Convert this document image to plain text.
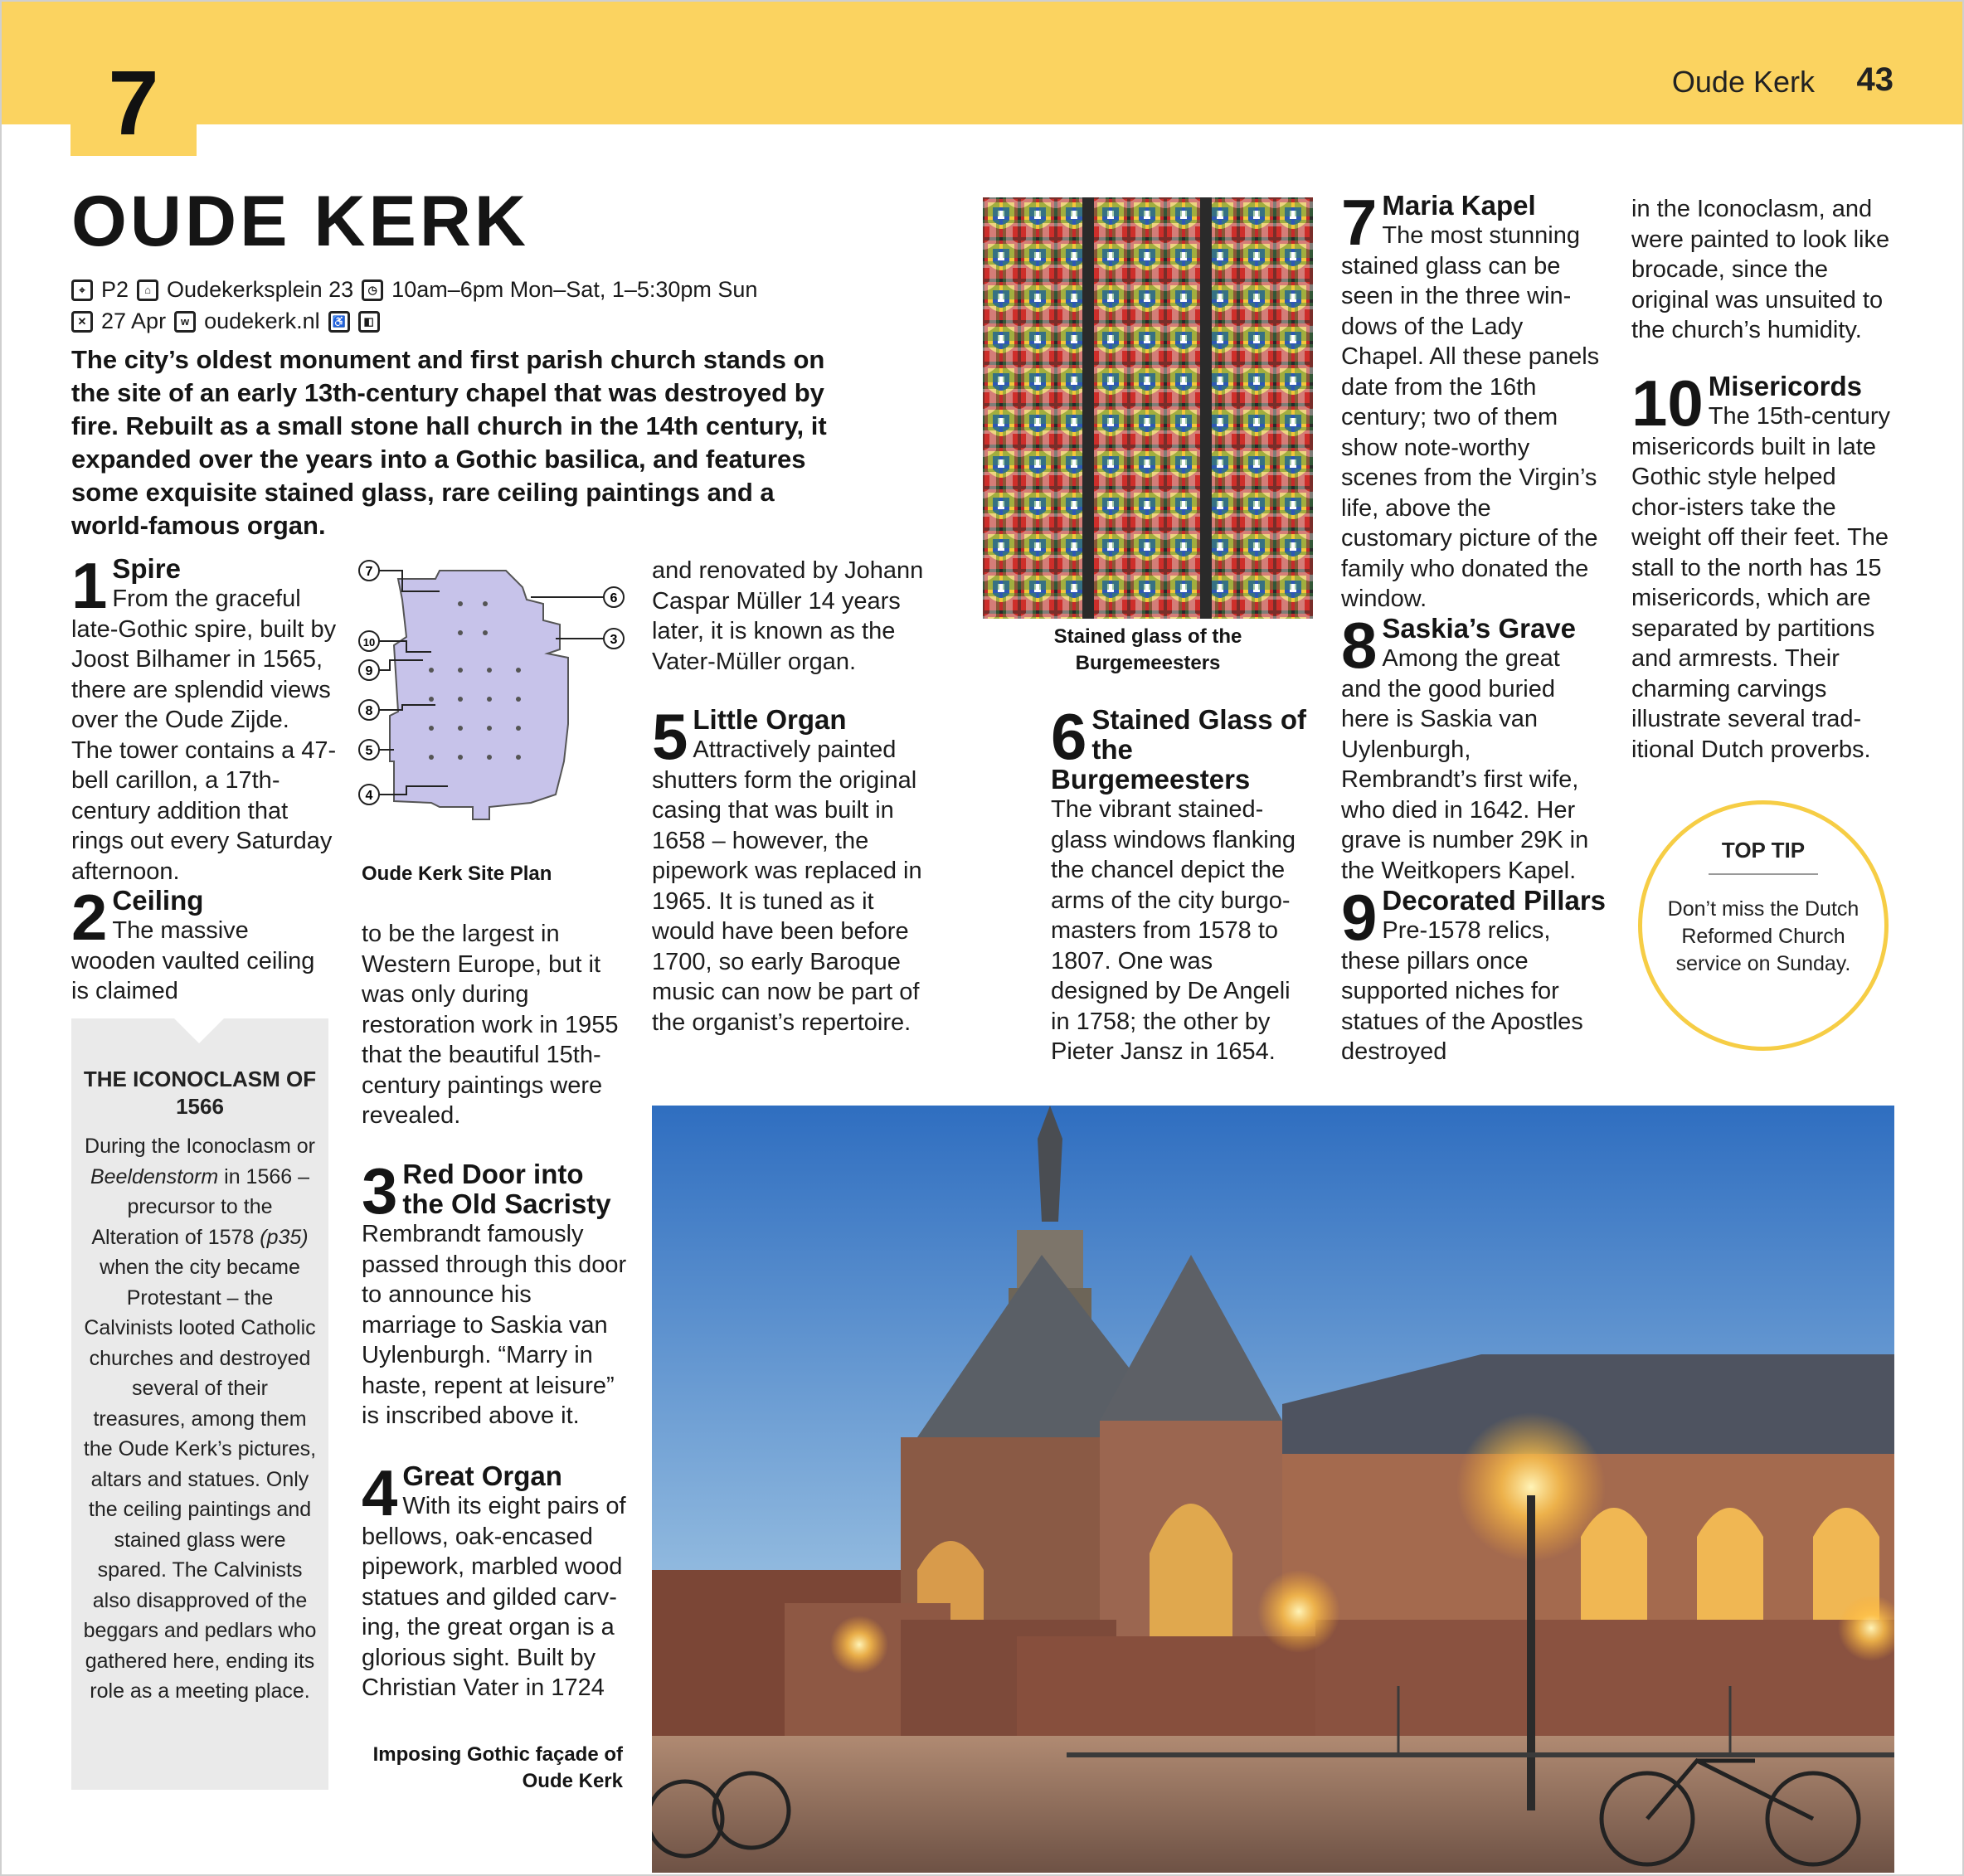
7	Oude Kerk 43
OUDE KERK
⌖ P2	⌂ Oudekerksplein 23	◷ 10am–6pm Mon–Sat, 1–5:30pm Sun
✕ 27 Apr	w oudekerk.nl	♿	◧
The city’s oldest monument and first parish church stands on the site of an early 13th-century chapel that was destroyed by fire. Rebuilt as a small stone hall church in the 14th century, it expanded over the years into a Gothic basilica, and features some exquisite stained glass, rare ceiling paintings and a world-famous organ.
1 Spire
From the graceful late-Gothic spire, built by Joost Bilhamer in 1565, there are splendid views over the Oude Zijde. The tower contains a 47-bell carillon, a 17th-century addition that rings out every Saturday afternoon.
2 Ceiling
The massive wooden vaulted ceiling is claimed
THE ICONOCLASM OF 1566
During the Iconoclasm or Beeldenstorm in 1566 – precursor to the Alteration of 1578 (p35) when the city became Protestant – the Calvinists looted Catholic churches and destroyed several of their treasures, among them the Oude Kerk’s pictures, altars and statues. Only the ceiling paintings and stained glass were spared. The Calvinists also disapproved of the beggars and pedlars who gathered here, ending its role as a meeting place.
7
10
9
8
5
4
6
3
Oude Kerk Site Plan
to be the largest in Western Europe, but it was only during restoration work in 1955 that the beautiful 15th-century paintings were revealed.
3 Red Door into the Old Sacristy
Rembrandt famously passed through this door to announce his marriage to Saskia van Uylenburgh. “Marry in haste, repent at leisure” is inscribed above it.
4 Great Organ
With its eight pairs of bellows, oak-encased pipework, marbled wood statues and gilded carv-ing, the great organ is a glorious sight. Built by Christian Vater in 1724
Imposing Gothic façade of Oude Kerk
and renovated by Johann Caspar Müller 14 years later, it is known as the Vater-Müller organ.
5 Little Organ
Attractively painted shutters form the original casing that was built in 1658 – however, the pipework was replaced in 1965. It is tuned as it would have been before 1700, so early Baroque music can now be part of the organist’s repertoire.
Stained glass of the Burgemeesters
6 Stained Glass of the Burgemeesters
The vibrant stained-glass windows flanking the chancel depict the arms of the city burgo-masters from 1578 to 1807. One was designed by De Angeli in 1758; the other by Pieter Jansz in 1654.
7 Maria Kapel
The most stunning stained glass can be seen in the three win-dows of the Lady Chapel. All these panels date from the 16th century; two of them show note-worthy scenes from the Virgin’s life, above the customary picture of the family who donated the window.
8 Saskia’s Grave
Among the great and the good buried here is Saskia van Uylenburgh, Rembrandt’s first wife, who died in 1642. Her grave is number 29K in the Weitkopers Kapel.
9 Decorated Pillars
Pre-1578 relics, these pillars once supported niches for statues of the Apostles destroyed
in the Iconoclasm, and were painted to look like brocade, since the original was unsuited to the church’s humidity.
10 Misericords
The 15th-century misericords built in late Gothic style helped chor-isters take the weight off their feet. The stall to the north has 15 misericords, which are separated by partitions and armrests. Their charming carvings illustrate several trad-itional Dutch proverbs.
TOP TIP
Don’t miss the Dutch Reformed Church service on Sunday.
